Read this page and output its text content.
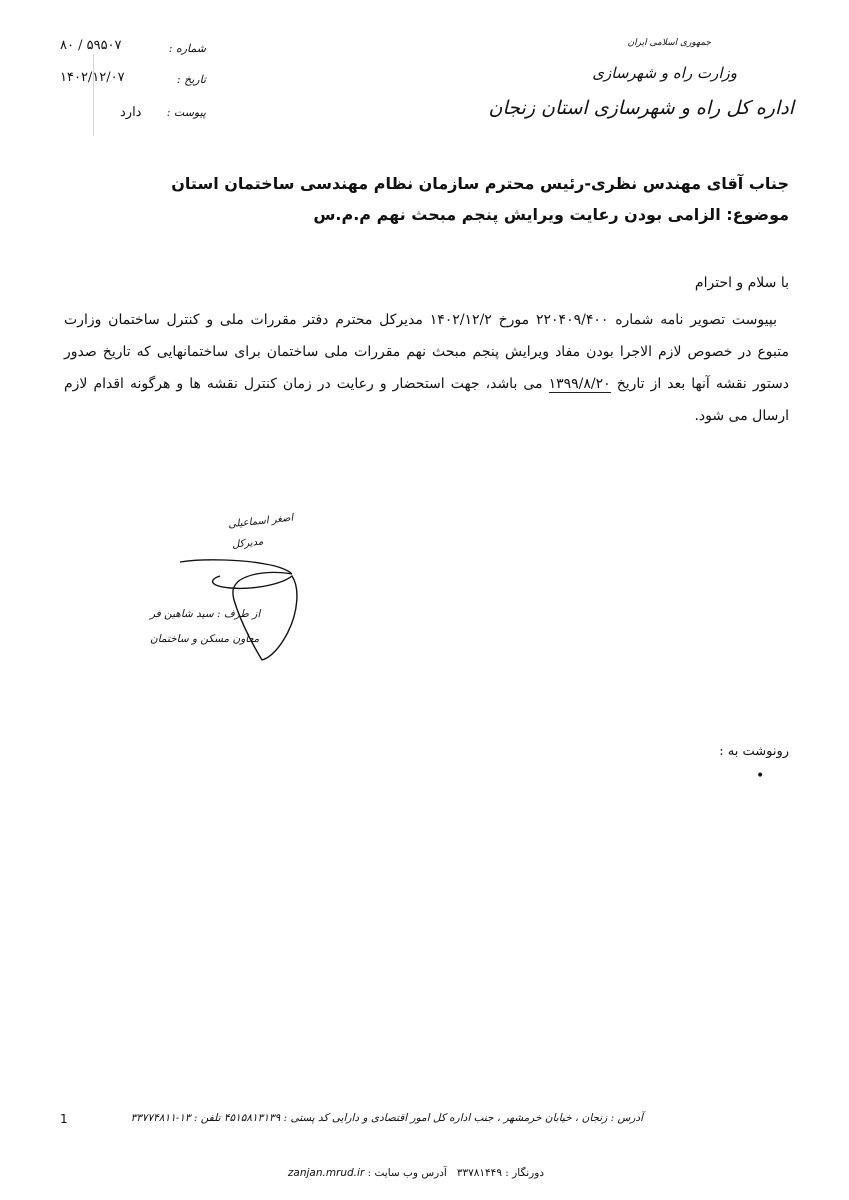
جمهوری اسلامی ایران
وزارت راه و شهرسازی
اداره کل راه و شهرسازی استان زنجان
شماره :
۸۰ / ۵۹۵۰۷
تاریخ :
۱۴۰۲/۱۲/۰۷
پیوست :
دارد
جناب آقای مهندس نظری-رئیس محترم سازمان نظام مهندسی ساختمان استان
موضوع: الزامی بودن رعایت ویرایش پنجم مبحث نهم م.م.س
با سلام و احترام
بپیوست تصویر نامه شماره ۲۲۰۴۰۹/۴۰۰ مورخ ۱۴۰۲/۱۲/۲ مدیرکل محترم دفتر مقررات ملی و کنترل ساختمان وزارت متبوع در خصوص لازم الاجرا بودن مفاد ویرایش پنجم مبحث نهم مقررات ملی ساختمان برای ساختمانهایی که تاریخ صدور دستور نقشه آنها بعد از تاریخ ۱۳۹۹/۸/۲۰ می باشد، جهت استحضار و رعایت در زمان کنترل نقشه ها و هرگونه اقدام لازم ارسال می شود.
اصغر اسماعیلی
مدیرکل
از طرف : سید شاهین فر
معاون مسکن و ساختمان
رونوشت به :
•
1	آدرس : زنجان ، خیابان خرمشهر ، جنب اداره کل امور اقتصادی و دارایی کد پستی : ۴۵۱۵۸۱۳۱۳۹ تلفن : ۱۳-۳۳۷۷۴۸۱۱
دورنگار : ۳۳۷۸۱۴۴۹   آدرس وب سایت : zanjan.mrud.ir
